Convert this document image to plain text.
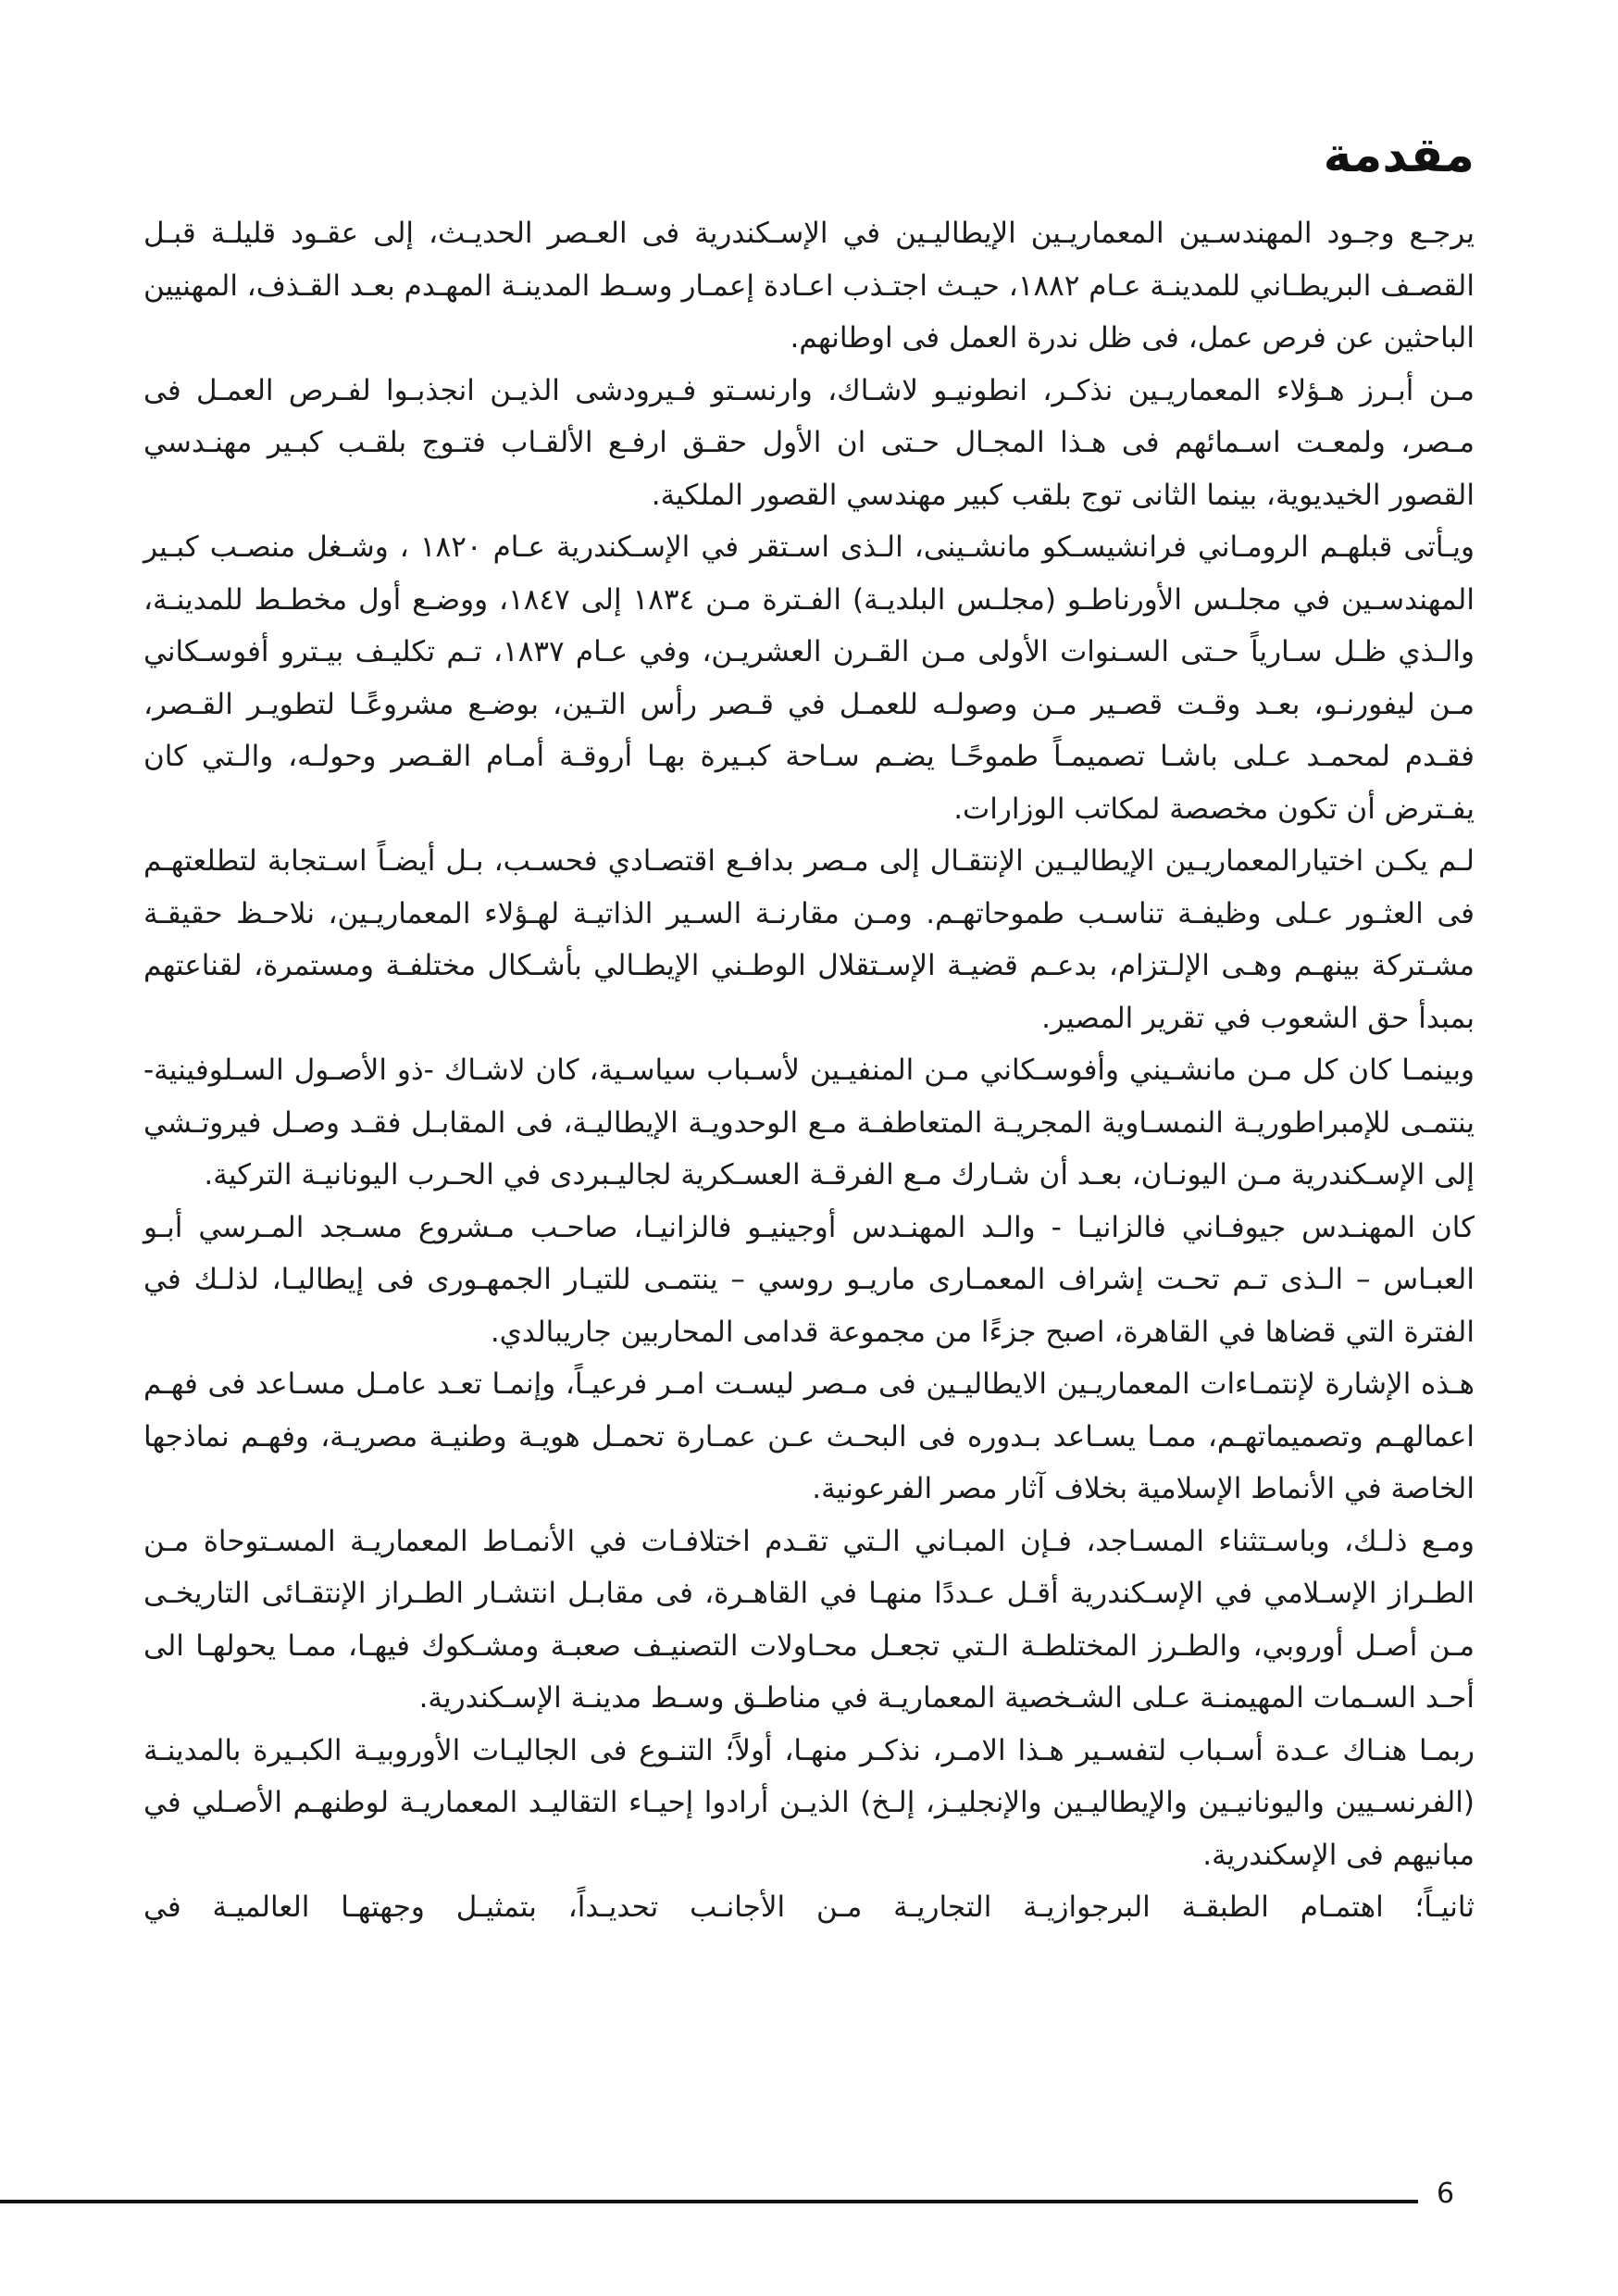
مقدمة

يرجـع وجـود المهندسـين المعماريـين الإيطاليـين في الإسـكندرية فى العـصر الحديـث، إلى عقـود قليلـة قبـل القصـف البريطـاني للمدينـة عـام ١٨٨٢، حيـث اجتـذب اعـادة إعمـار وسـط المدينـة المهـدم بعـد القـذف، المهنيين الباحثين عن فرص عمل، فى ظل ندرة العمل فى اوطانهم.

مـن أبـرز هـؤلاء المعماريـين نذكـر، انطونيـو لاشـاك، وارنسـتو فـيرودشى الذيـن انجذبـوا لفـرص العمـل فى مـصر، ولمعـت اسـمائهم فى هـذا المجـال حـتى ان الأول حقـق ارفـع الألقـاب فتـوج بلقـب كبـير مهنـدسي القصور الخيديوية، بينما الثانى توج بلقب كبير مهندسي القصور الملكية.

ويـأتى قبلهـم الرومـاني فرانشيسـكو مانشـينى، الـذى اسـتقر في الإسـكندرية عـام ١٨٢٠ ، وشـغل منصـب كبـير المهندسـين في مجلـس الأورناطـو (مجلـس البلديـة) الفـترة مـن ١٨٣٤ إلى ١٨٤٧، ووضـع أول مخطـط للمدينـة، والـذي ظـل سـارياً حـتى السـنوات الأولى مـن القـرن العشريـن، وفي عـام ١٨٣٧، تـم تكليـف بيـترو أفوسـكاني مـن ليفورنـو، بعـد وقـت قصـير مـن وصولـه للعمـل في قـصر رأس التـين، بوضـع مشروعًـا لتطويـر القـصر، فقـدم لمحمـد عـلى باشـا تصميمـاً طموحًـا يضـم سـاحة كبـيرة بهـا أروقـة أمـام القـصر وحولـه، والـتي كان يفـترض أن تكون مخصصة لمكاتب الوزارات.

لـم يكـن اختيارالمعماريـين الإيطاليـين الإنتقـال إلى مـصر بدافـع اقتصـادي فحسـب، بـل أيضـاً اسـتجابة لتطلعتهـم فى العثـور عـلى وظيفـة تناسـب طموحاتهـم. ومـن مقارنـة السـير الذاتيـة لهـؤلاء المعماريـين، نلاحـظ حقيقـة مشـتركة بينهـم وهـى الإلـتزام، بدعـم قضيـة الإسـتقلال الوطـني الإيطـالي بأشـكال مختلفـة ومستمرة، لقناعتهم بمبدأ حق الشعوب في تقرير المصير.

وبينمـا كان كل مـن مانشـيني وأفوسـكاني مـن المنفيـين لأسـباب سياسـية، كان لاشـاك -ذو الأصـول السـلوفينية- ينتمـى للإمبراطوريـة النمسـاوية المجريـة المتعاطفـة مـع الوحدويـة الإيطاليـة، فى المقابـل فقـد وصـل فيروتـشي إلى الإسـكندرية مـن اليونـان، بعـد أن شـارك مـع الفرقـة العسـكرية لجاليـبردى في الحـرب اليونانيـة التركية.

كان المهنـدس جيوفـاني فالزانيـا - والـد المهنـدس أوجينيـو فالزانيـا، صاحـب مـشروع مسـجد المـرسي أبـو العبـاس – الـذى تـم تحـت إشراف المعمـارى ماريـو روسي – ينتمـى للتيـار الجمهـورى فى إيطاليـا، لذلـك في الفترة التي قضاها في القاهرة، اصبح جزءًا من مجموعة قدامى المحاربين جاريبالدي.

هـذه الإشارة لإنتمـاءات المعماريـين الايطاليـين فى مـصر ليسـت امـر فرعيـاً، وإنمـا تعـد عامـل مسـاعد فى فهـم اعمالهـم وتصميماتهـم، ممـا يسـاعد بـدوره فى البحـث عـن عمـارة تحمـل هويـة وطنيـة مصريـة، وفهـم نماذجها الخاصة في الأنماط الإسلامية بخلاف آثار مصر الفرعونية.

ومـع ذلـك، وباسـتثناء المسـاجد، فـإن المبـاني الـتي تقـدم اختلافـات في الأنمـاط المعماريـة المسـتوحاة مـن الطـراز الإسـلامي في الإسـكندرية أقـل عـددًا منهـا في القاهـرة، فى مقابـل انتشـار الطـراز الإنتقـائى التاريخـى مـن أصـل أوروبي، والطـرز المختلطـة الـتي تجعـل محـاولات التصنيـف صعبـة ومشـكوك فيهـا، ممـا يحولهـا الى أحـد السـمات المهيمنـة عـلى الشـخصية المعماريـة في مناطـق وسـط مدينـة الإسـكندرية.

ربمـا هنـاك عـدة أسـباب لتفسـير هـذا الامـر، نذكـر منهـا، أولاً؛ التنـوع فى الجاليـات الأوروبيـة الكبـيرة بالمدينـة (الفرنسـيين واليونانيـين والإيطاليـين والإنجليـز، إلـخ) الذيـن أرادوا إحيـاء التقاليـد المعماريـة لوطنهـم الأصـلي في مبانيهم فى الإسكندرية.

ثانيـاً؛ اهتمـام الطبقـة البرجوازيـة التجاريـة مـن الأجانـب تحديـداً، بتمثيـل وجهتهـا العالميـة في

6
